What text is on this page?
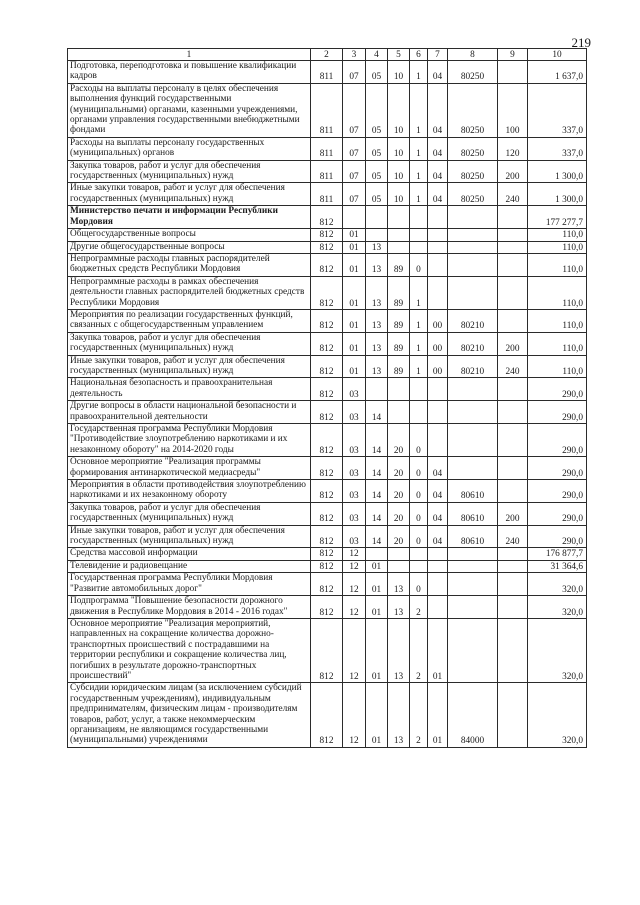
219
1	2	3	4	5	6	7	8	9	10
Подготовка, переподготовка и повышение квалификации кадров	811	07	05	10	1	04	80250		1 637,0
Расходы на выплаты персоналу в целях обеспечения выполнения функций государственными (муниципальными) органами, казенными учреждениями, органами управления государственными внебюджетными фондами	811	07	05	10	1	04	80250	100	337,0
Расходы на выплаты персоналу государственных (муниципальных) органов	811	07	05	10	1	04	80250	120	337,0
Закупка товаров, работ и услуг для обеспечения государственных (муниципальных) нужд	811	07	05	10	1	04	80250	200	1 300,0
Иные закупки товаров, работ и услуг для обеспечения государственных (муниципальных) нужд	811	07	05	10	1	04	80250	240	1 300,0
Министерство печати и информации Республики Мордовия	812								177 277,7
Общегосударственные вопросы	812	01							110,0
Другие общегосударственные вопросы	812	01	13						110,0
Непрограммные расходы главных распорядителей бюджетных средств Республики Мордовия	812	01	13	89	0				110,0
Непрограммные расходы в рамках обеспечения деятельности главных распорядителей бюджетных средств Республики Мордовия	812	01	13	89	1				110,0
Мероприятия по реализации государственных функций, связанных с общегосударственным управлением	812	01	13	89	1	00	80210		110,0
Закупка товаров, работ и услуг для обеспечения государственных (муниципальных) нужд	812	01	13	89	1	00	80210	200	110,0
Иные закупки товаров, работ и услуг для обеспечения государственных (муниципальных) нужд	812	01	13	89	1	00	80210	240	110,0
Национальная безопасность и правоохранительная деятельность	812	03							290,0
Другие вопросы в области национальной безопасности и правоохранительной деятельности	812	03	14						290,0
Государственная программа Республики Мордовия "Противодействие злоупотреблению наркотиками и их незаконному обороту" на 2014-2020 годы	812	03	14	20	0				290,0
Основное мероприятие "Реализация программы формирования антинаркотической медиасреды"	812	03	14	20	0	04			290,0
Мероприятия в области противодействия злоупотреблению наркотиками и их незаконному обороту	812	03	14	20	0	04	80610		290,0
Закупка товаров, работ и услуг для обеспечения государственных (муниципальных) нужд	812	03	14	20	0	04	80610	200	290,0
Иные закупки товаров, работ и услуг для обеспечения государственных (муниципальных) нужд	812	03	14	20	0	04	80610	240	290,0
Средства массовой информации	812	12							176 877,7
Телевидение и радиовещание	812	12	01						31 364,6
Государственная программа Республики Мордовия "Развитие автомобильных дорог"	812	12	01	13	0				320,0
Подпрограмма "Повышение безопасности дорожного движения в Республике Мордовия в 2014 - 2016 годах"	812	12	01	13	2				320,0
Основное мероприятие "Реализация мероприятий, направленных на сокращение количества дорожно-транспортных происшествий с пострадавшими на территории республики и сокращение количества лиц, погибших в результате дорожно-транспортных происшествий"	812	12	01	13	2	01			320,0
Субсидии юридическим лицам (за исключением субсидий государственным учреждениям), индивидуальным предпринимателям, физическим лицам - производителям товаров, работ, услуг, а также некоммерческим организациям, не являющимся государственными (муниципальными) учреждениями	812	12	01	13	2	01	84000		320,0
